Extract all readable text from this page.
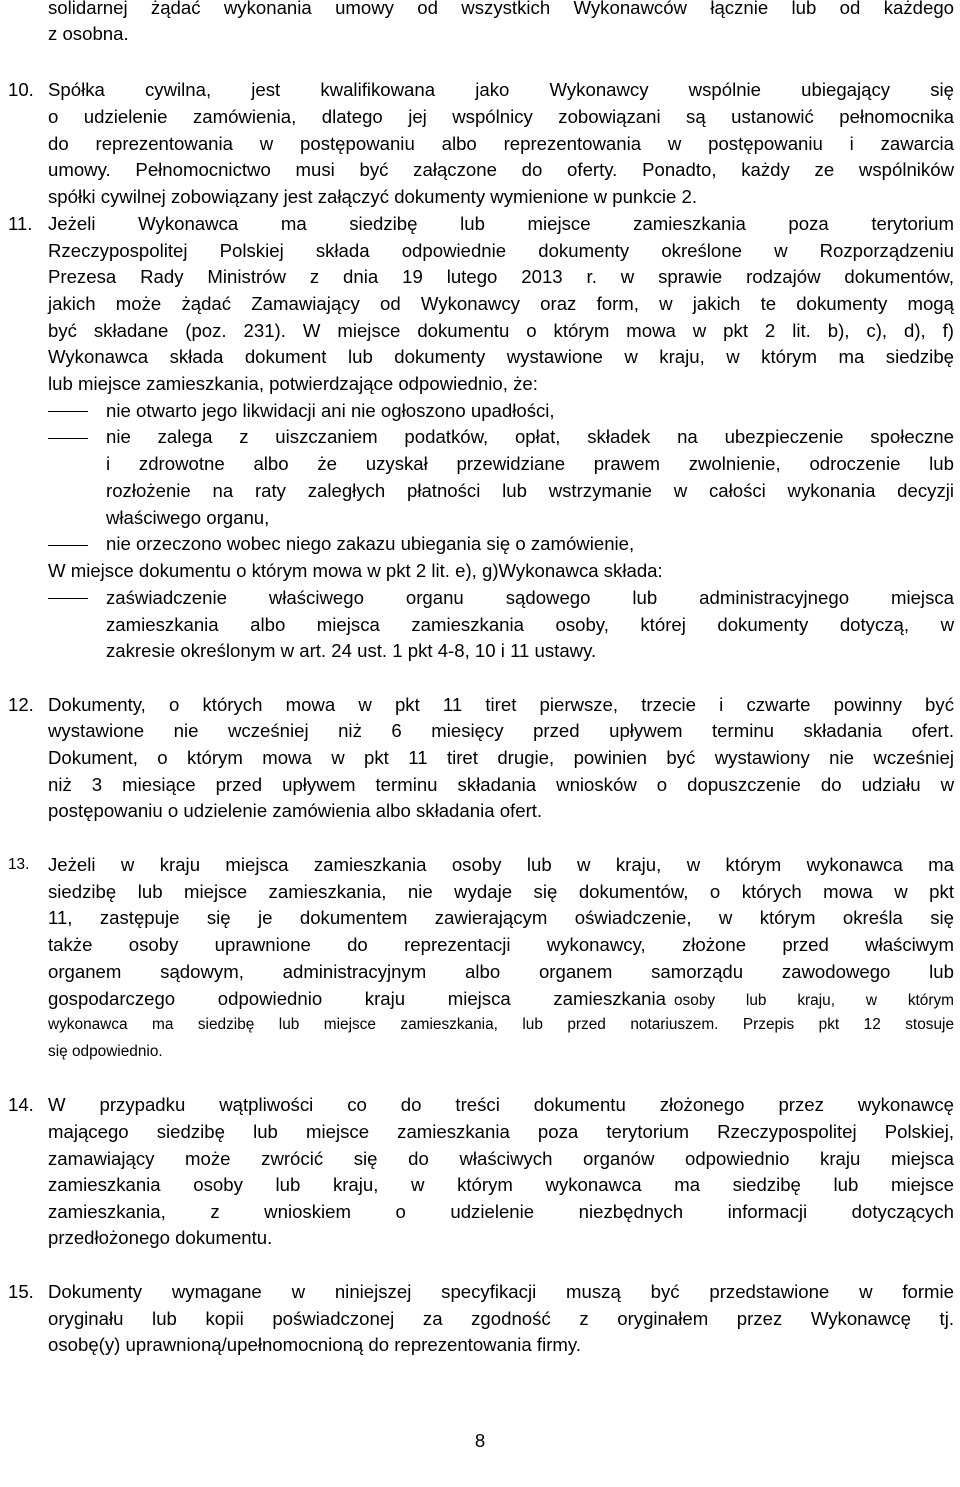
solidarnej żądać wykonania umowy od wszystkich Wykonawców łącznie lub od każdego
z osobna.
10. Spółka cywilna, jest kwalifikowana jako Wykonawcy wspólnie ubiegający się
o udzielenie zamówienia, dlatego jej wspólnicy zobowiązani są ustanowić pełnomocnika
do reprezentowania w postępowaniu albo reprezentowania w postępowaniu i zawarcia
umowy. Pełnomocnictwo musi być załączone do oferty. Ponadto, każdy ze wspólników
spółki cywilnej zobowiązany jest załączyć dokumenty wymienione w punkcie 2.
11. Jeżeli Wykonawca ma siedzibę lub miejsce zamieszkania poza terytorium
Rzeczypospolitej Polskiej składa odpowiednie dokumenty określone w Rozporządzeniu
Prezesa Rady Ministrów z dnia 19 lutego 2013 r. w sprawie rodzajów dokumentów,
jakich może żądać Zamawiający od Wykonawcy oraz form, w jakich te dokumenty mogą
być składane (poz. 231). W miejsce dokumentu o którym mowa w pkt 2 lit. b), c), d), f)
Wykonawca składa dokument lub dokumenty wystawione w kraju, w którym ma siedzibę
lub miejsce zamieszkania, potwierdzające odpowiednio, że:
nie otwarto jego likwidacji ani nie ogłoszono upadłości,
nie zalega z uiszczaniem podatków, opłat, składek na ubezpieczenie społeczne
i zdrowotne albo że uzyskał przewidziane prawem zwolnienie, odroczenie lub
rozłożenie na raty zaległych płatności lub wstrzymanie w całości wykonania decyzji
właściwego organu,
nie orzeczono wobec niego zakazu ubiegania się o zamówienie,
W miejsce dokumentu o którym mowa w pkt 2 lit. e), g)Wykonawca składa:
zaświadczenie właściwego organu sądowego lub administracyjnego miejsca
zamieszkania albo miejsca zamieszkania osoby, której dokumenty dotyczą, w
zakresie określonym w art. 24 ust. 1 pkt 4-8, 10 i 11 ustawy.
12. Dokumenty, o których mowa w pkt 11 tiret pierwsze, trzecie i czwarte powinny być
wystawione nie wcześniej niż 6 miesięcy przed upływem terminu składania ofert.
Dokument, o którym mowa w pkt 11 tiret drugie, powinien być wystawiony nie wcześniej
niż 3 miesiące przed upływem terminu składania wniosków o dopuszczenie do udziału w
postępowaniu o udzielenie zamówienia albo składania ofert.
13. Jeżeli w kraju miejsca zamieszkania osoby lub w kraju, w którym wykonawca ma
siedzibę lub miejsce zamieszkania, nie wydaje się dokumentów, o których mowa w pkt
11, zastępuje się je dokumentem zawierającym oświadczenie, w którym określa się
także osoby uprawnione do reprezentacji wykonawcy, złożone przed właściwym
organem sądowym, administracyjnym albo organem samorządu zawodowego lub
gospodarczego odpowiednio kraju miejsca zamieszkania osoby lub kraju, w którym
wykonawca ma siedzibę lub miejsce zamieszkania, lub przed notariuszem. Przepis pkt 12 stosuje
się odpowiednio.
14. W przypadku wątpliwości co do treści dokumentu złożonego przez wykonawcę
mającego siedzibę lub miejsce zamieszkania poza terytorium Rzeczypospolitej Polskiej,
zamawiający może zwrócić się do właściwych organów odpowiednio kraju miejsca
zamieszkania osoby lub kraju, w którym wykonawca ma siedzibę lub miejsce
zamieszkania, z wnioskiem o udzielenie niezbędnych informacji dotyczących
przedłożonego dokumentu.
15. Dokumenty wymagane w niniejszej specyfikacji muszą być przedstawione w formie
oryginału lub kopii poświadczonej za zgodność z oryginałem przez Wykonawcę tj.
osobę(y) uprawnioną/upełnomocnioną do reprezentowania firmy.
8
